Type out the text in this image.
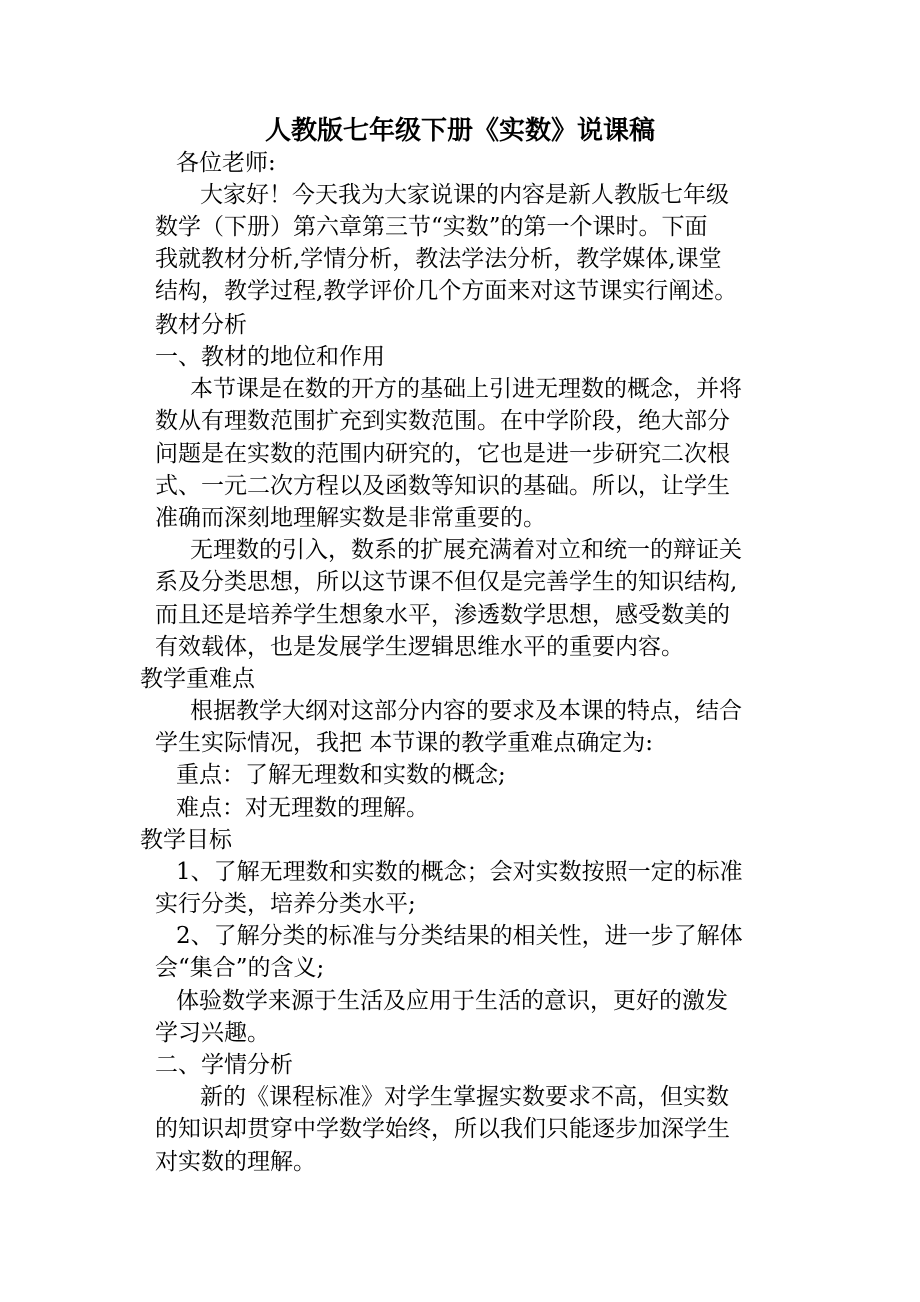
人教版七年级下册《实数》说课稿
各位老师:
大家好！今天我为大家说课的内容是新人教版七年级
数学（下册）第六章第三节“实数”的第一个课时。下面
我就教材分析,学情分析，教法学法分析，教学媒体,课堂
结构，教学过程,教学评价几个方面来对这节课实行阐述。
教材分析
一、教材的地位和作用
本节课是在数的开方的基础上引进无理数的概念，并将
数从有理数范围扩充到实数范围。在中学阶段，绝大部分
问题是在实数的范围内研究的，它也是进一步研究二次根
式、一元二次方程以及函数等知识的基础。所以，让学生
准确而深刻地理解实数是非常重要的。
无理数的引入，数系的扩展充满着对立和统一的辩证关
系及分类思想，所以这节课不但仅是完善学生的知识结构,
而且还是培养学生想象水平，渗透数学思想，感受数美的
有效载体，也是发展学生逻辑思维水平的重要内容。
教学重难点
根据教学大纲对这部分内容的要求及本课的特点，结合
学生实际情况，我把 本节课的教学重难点确定为:
重点：了解无理数和实数的概念;
难点：对无理数的理解。
教学目标
1、了解无理数和实数的概念；会对实数按照一定的标准
实行分类，培养分类水平;
2、了解分类的标准与分类结果的相关性，进一步了解体
会“集合”的含义;
体验数学来源于生活及应用于生活的意识，更好的激发
学习兴趣。
二、学情分析
新的《课程标准》对学生掌握实数要求不高，但实数
的知识却贯穿中学数学始终，所以我们只能逐步加深学生
对实数的理解。
